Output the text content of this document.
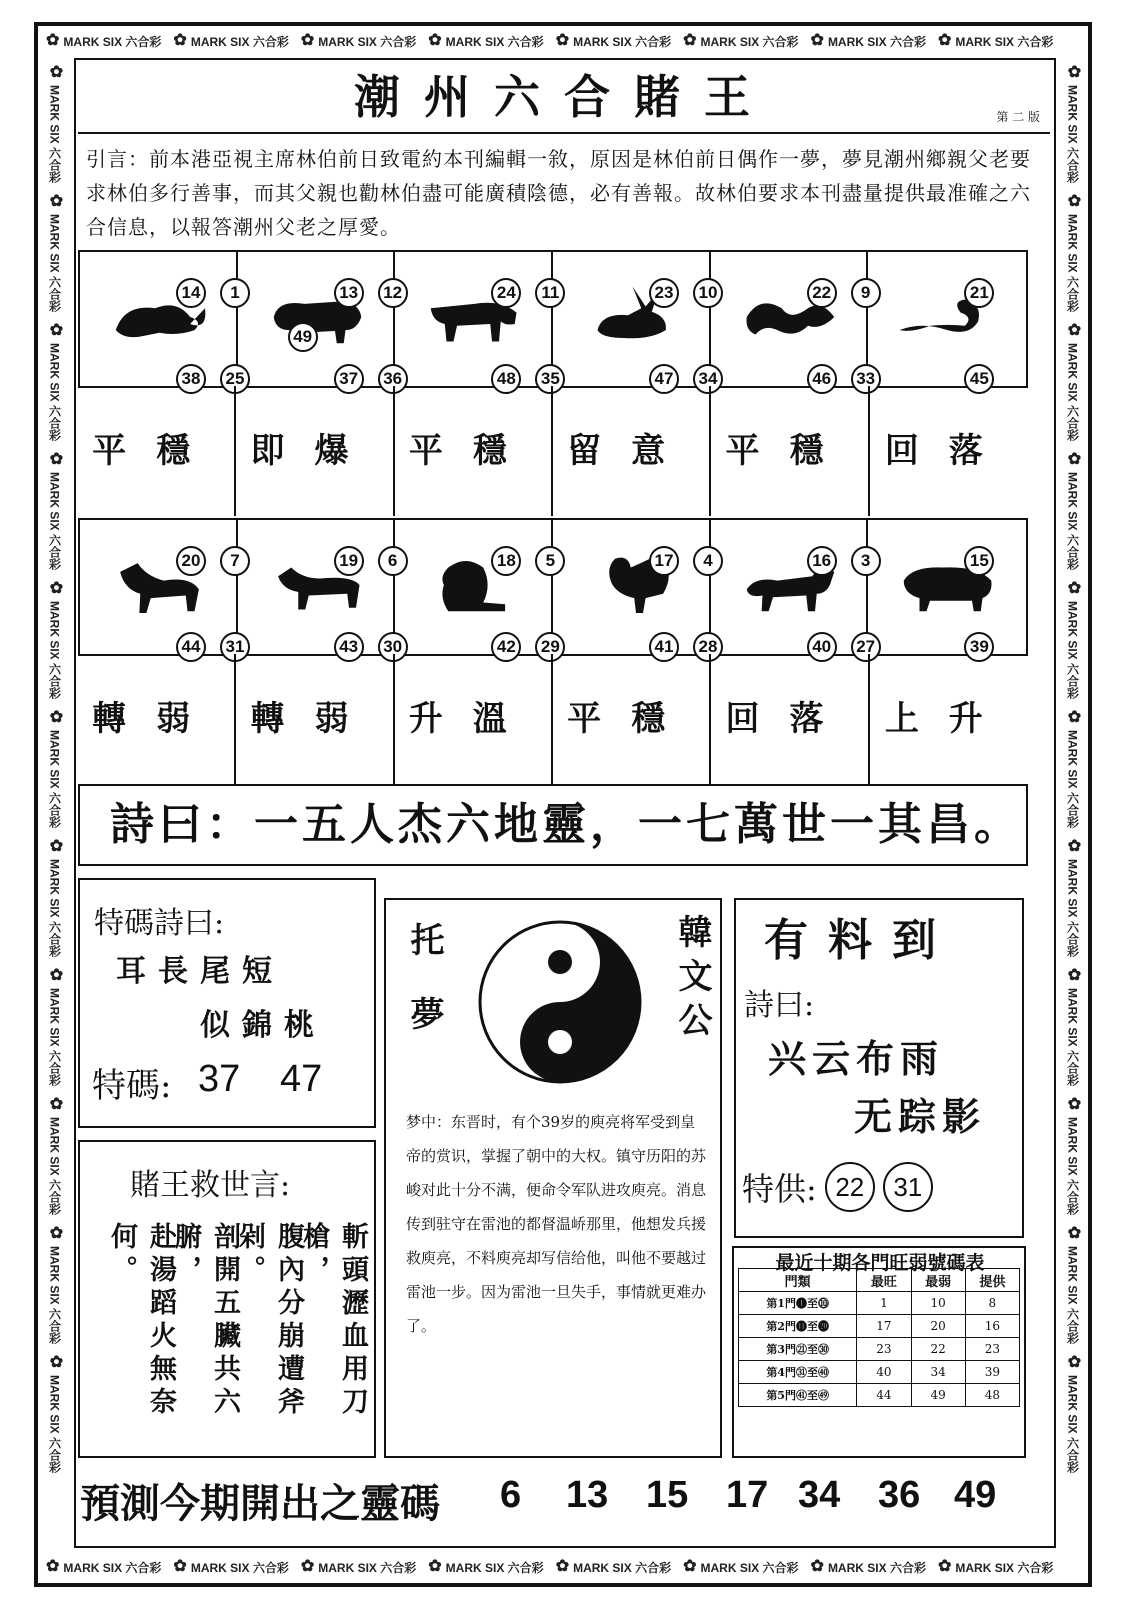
✿ MARK SIX 六合彩 ✿ MARK SIX 六合彩 ✿ MARK SIX 六合彩 ✿ MARK SIX 六合彩 ✿ MARK SIX 六合彩 ✿ MARK SIX 六合彩 ✿ MARK SIX 六合彩 ✿ MARK SIX 六合彩
✿ MARK SIX 六合彩 ✿ MARK SIX 六合彩 ✿ MARK SIX 六合彩 ✿ MARK SIX 六合彩 ✿ MARK SIX 六合彩 ✿ MARK SIX 六合彩 ✿ MARK SIX 六合彩 ✿ MARK SIX 六合彩
✿
MARK SIX 六合彩
✿
MARK SIX 六合彩
✿
MARK SIX 六合彩
✿
MARK SIX 六合彩
✿
MARK SIX 六合彩
✿
MARK SIX 六合彩
✿
MARK SIX 六合彩
✿
MARK SIX 六合彩
✿
MARK SIX 六合彩
✿
MARK SIX 六合彩
✿
MARK SIX 六合彩
✿
MARK SIX 六合彩
✿
MARK SIX 六合彩
✿
MARK SIX 六合彩
✿
MARK SIX 六合彩
✿
MARK SIX 六合彩
✿
MARK SIX 六合彩
✿
MARK SIX 六合彩
✿
MARK SIX 六合彩
✿
MARK SIX 六合彩
✿
MARK SIX 六合彩
✿
MARK SIX 六合彩
潮州六合賭王	第 二 版
引言：前本港亞視主席林伯前日致電約本刊編輯一敘，原因是林伯前日偶作一夢，夢見潮州鄉親父老要求林伯多行善事，而其父親也勸林伯盡可能廣積陰德，必有善報。故林伯要求本刊盡量提供最准確之六合信息，以報答潮州父老之厚愛。
14	1
38	25
13	12
37	36
49
24	11
48	35
23	10
47	34
22	9
46	33
21
45
平穩 即爆 平穩 留意 平穩 回落
20	7
44	31
19	6
43	30
18	5
42	29
17	4
41	28
16	3
40	27
15
39
轉弱 轉弱 升溫 平穩 回落 上升
詩曰：一五人杰六地靈，一七萬世一其昌。
特碼詩曰:
耳長尾短
似錦桃
特碼: 37 47
賭王救世言:
斬頭瀝血用刀槍，
腹內分崩遭斧剁。
剖開五臟共六腑，
赴湯蹈火無奈何。
托夢	韓文公
梦中：东晋时，有个39岁的庾亮将军受到皇帝的赏识，掌握了朝中的大权。镇守历阳的苏峻对此十分不满，便命令军队进攻庾亮。消息传到驻守在雷池的都督温峤那里，他想发兵援救庾亮，不料庾亮却写信给他，叫他不要越过雷池一步。因为雷池一旦失手，事情就更难办了。
有料到
詩曰:
兴云布雨
无踪影
特供: 22	31
最近十期各門旺弱號碼表
門類	最旺	最弱	提供
第1門❶至⓾	1	10	8
第2門⓫至⓴	17	20	16
第3門㉑至㉚	23	22	23
第4門㉛至㊵	40	34	39
第5門㊶至㊾	44	49	48
預測今期開出之靈碼 6 13 15 17 34 36 49
